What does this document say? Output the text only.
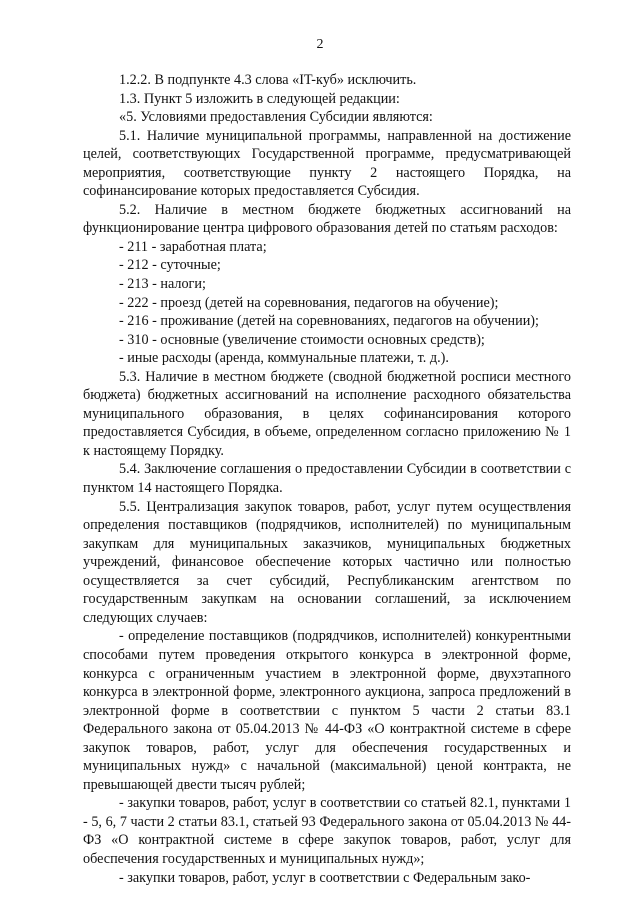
2

1.2.2. В подпункте 4.3 слова «IT-куб» исключить.

1.3. Пункт 5 изложить в следующей редакции:

«5. Условиями предоставления Субсидии являются:

5.1. Наличие муниципальной программы, направленной на достижение целей, соответствующих Государственной программе, предусматривающей мероприятия, соответствующие пункту 2 настоящего Порядка, на софинансирование которых предоставляется Субсидия.

5.2. Наличие в местном бюджете бюджетных ассигнований на функционирование центра цифрового образования детей по статьям расходов:

- 211 - заработная плата;

- 212 - суточные;

- 213 - налоги;

- 222 - проезд (детей на соревнования, педагогов на обучение);

- 216 - проживание (детей на соревнованиях, педагогов на обучении);

- 310 - основные (увеличение стоимости основных средств);

- иные расходы (аренда, коммунальные платежи, т. д.).

5.3. Наличие в местном бюджете (сводной бюджетной росписи местного бюджета) бюджетных ассигнований на исполнение расходного обязательства муниципального образования, в целях софинансирования которого предоставляется Субсидия, в объеме, определенном согласно приложению № 1 к настоящему Порядку.

5.4. Заключение соглашения о предоставлении Субсидии в соответствии с пунктом 14 настоящего Порядка.

5.5. Централизация закупок товаров, работ, услуг путем осуществления определения поставщиков (подрядчиков, исполнителей) по муниципальным закупкам для муниципальных заказчиков, муниципальных бюджетных учреждений, финансовое обеспечение которых частично или полностью осуществляется за счет субсидий, Республиканским агентством по государственным закупкам на основании соглашений, за исключением следующих случаев:

- определение поставщиков (подрядчиков, исполнителей) конкурентными способами путем проведения открытого конкурса в электронной форме, конкурса с ограниченным участием в электронной форме, двухэтапного конкурса в электронной форме, электронного аукциона, запроса предложений в электронной форме в соответствии с пунктом 5 части 2 статьи 83.1 Федерального закона от 05.04.2013 № 44-ФЗ «О контрактной системе в сфере закупок товаров, работ, услуг для обеспечения государственных и муниципальных нужд» с начальной (максимальной) ценой контракта, не превышающей двести тысяч рублей;

- закупки товаров, работ, услуг в соответствии со статьей 82.1, пунктами 1 - 5, 6, 7 части 2 статьи 83.1, статьей 93 Федерального закона от 05.04.2013 № 44-ФЗ «О контрактной системе в сфере закупок товаров, работ, услуг для обеспечения государственных и муниципальных нужд»;

- закупки товаров, работ, услуг в соответствии с Федеральным зако-
